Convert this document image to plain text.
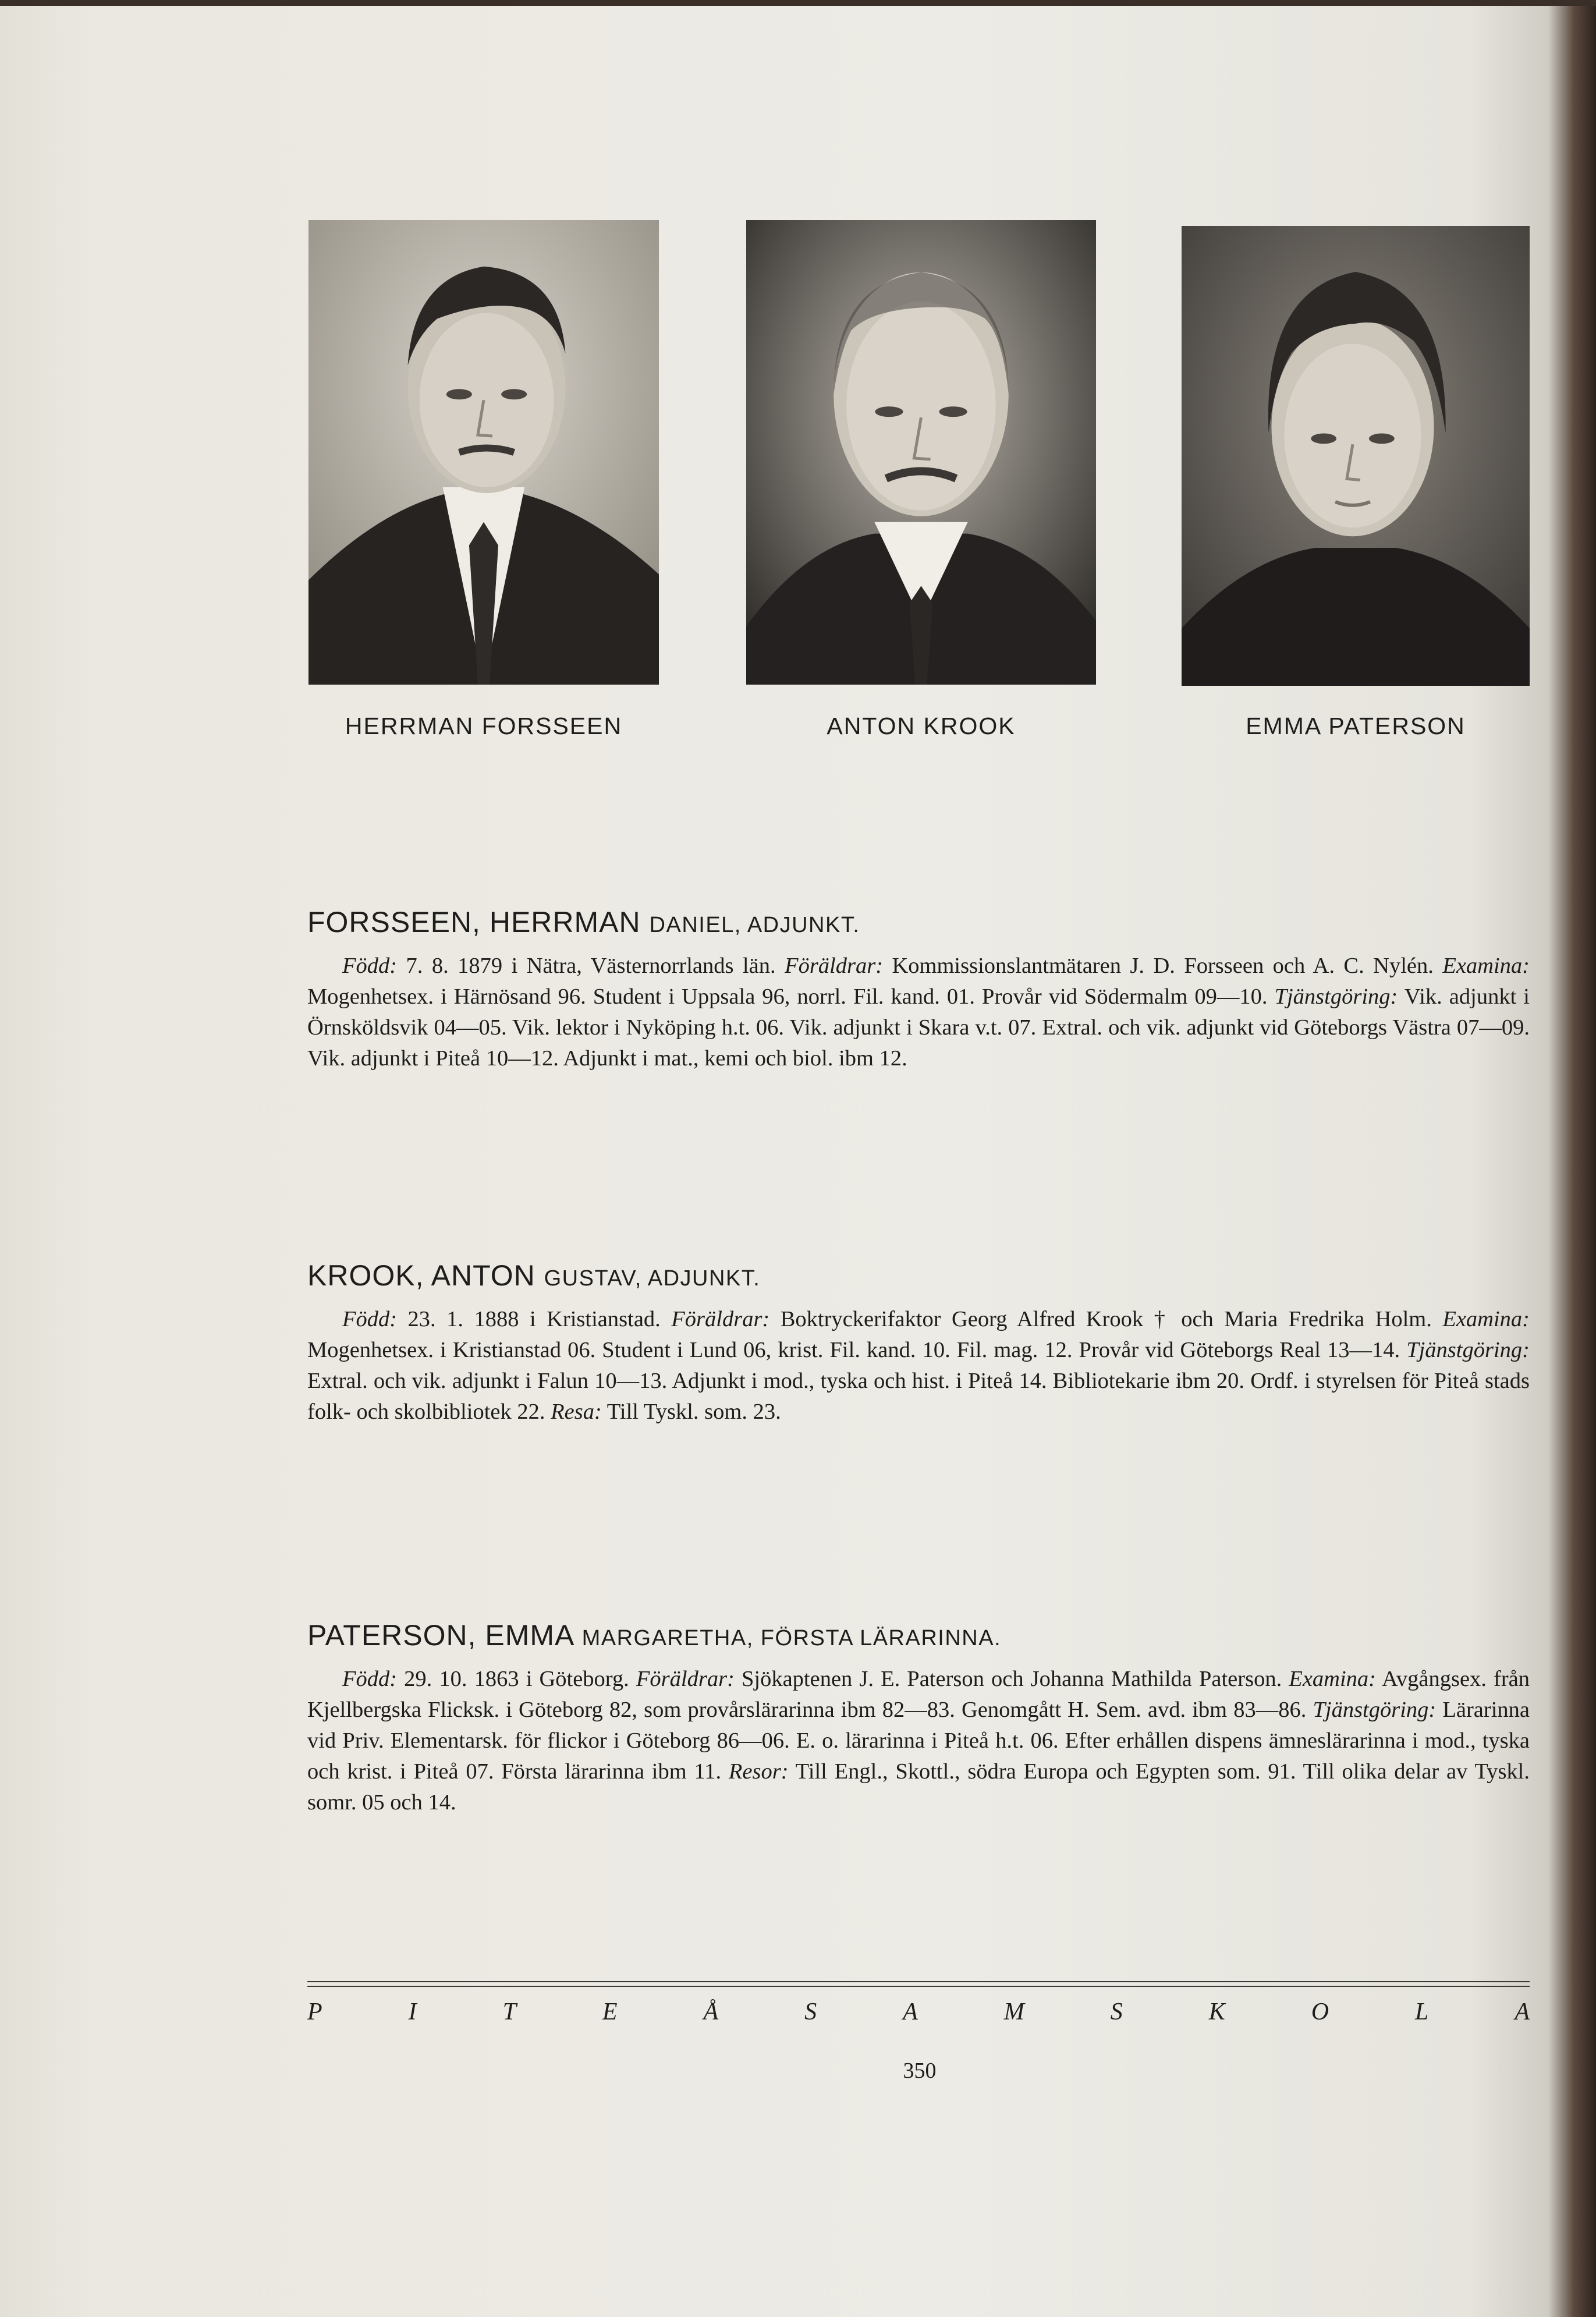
HERRMAN FORSSEEN	ANTON KROOK	EMMA PATERSON
FORSSEEN, HERRMAN DANIEL, ADJUNKT.
Född: 7. 8. 1879 i Nätra, Västernorrlands län. Föräldrar: Kommissionslantmätaren J. D. Forsseen och A. C. Nylén. Examina: Mogenhetsex. i Härnösand 96. Student i Uppsala 96, norrl. Fil. kand. 01. Provår vid Södermalm 09—10. Tjänstgöring: Vik. adjunkt i Örnsköldsvik 04—05. Vik. lektor i Nyköping h.t. 06. Vik. adjunkt i Skara v.t. 07. Extral. och vik. adjunkt vid Göteborgs Västra 07—09. Vik. adjunkt i Piteå 10—12. Adjunkt i mat., kemi och biol. ibm 12.
KROOK, ANTON GUSTAV, ADJUNKT.
Född: 23. 1. 1888 i Kristianstad. Föräldrar: Boktryckerifaktor Georg Alfred Krook † och Maria Fredrika Holm. Examina: Mogenhetsex. i Kristianstad 06. Student i Lund 06, krist. Fil. kand. 10. Fil. mag. 12. Provår vid Göteborgs Real 13—14. Tjänstgöring: Extral. och vik. adjunkt i Falun 10—13. Adjunkt i mod., tyska och hist. i Piteå 14. Bibliotekarie ibm 20. Ordf. i styrelsen för Piteå stads folk- och skolbibliotek 22. Resa: Till Tyskl. som. 23.
PATERSON, EMMA MARGARETHA, FÖRSTA LÄRARINNA.
Född: 29. 10. 1863 i Göteborg. Föräldrar: Sjökaptenen J. E. Paterson och Johanna Mathilda Paterson. Examina: Avgångsex. från Kjellbergska Flicksk. i Göteborg 82, som provårslärarinna ibm 82—83. Genomgått H. Sem. avd. ibm 83—86. Tjänstgöring: Lärarinna vid Priv. Elementarsk. för flickor i Göteborg 86—06. E. o. lärarinna i Piteå h.t. 06. Efter erhållen dispens ämneslärarinna i mod., tyska och krist. i Piteå 07. Första lärarinna ibm 11. Resor: Till Engl., Skottl., södra Europa och Egypten som. 91. Till olika delar av Tyskl. somr. 05 och 14.
P	I	T	E	Å	S	A	M	S	K	O	L	A
350
